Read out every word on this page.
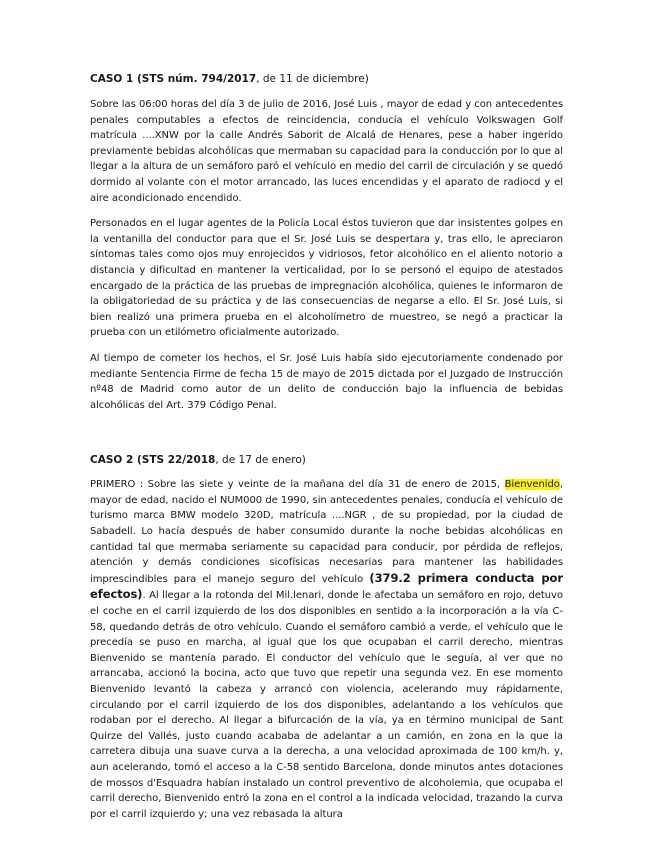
CASO 1 (STS núm. 794/2017, de 11 de diciembre)

Sobre las 06:00 horas del día 3 de julio de 2016, José Luis , mayor de edad y con antecedentes penales computables a efectos de reincidencia, conducía el vehículo Volkswagen Golf matrícula ....XNW por la calle Andrés Saborit de Alcalá de Henares, pese a haber ingerido previamente bebidas alcohólicas que mermaban su capacidad para la conducción por lo que al llegar a la altura de un semáforo paró el vehículo en medio del carril de circulación y se quedó dormido al volante con el motor arrancado, las luces encendidas y el aparato de radiocd y el aire acondicionado encendido.

Personados en el lugar agentes de la Policía Local éstos tuvieron que dar insistentes golpes en la ventanilla del conductor para que el Sr. José Luis se despertara y, tras ello, le apreciaron síntomas tales como ojos muy enrojecidos y vidriosos, fetor alcohólico en el aliento notorio a distancia y dificultad en mantener la verticalidad, por lo se personó el equipo de atestados encargado de la práctica de las pruebas de impregnación alcohólica, quienes le informaron de la obligatoriedad de su práctica y de las consecuencias de negarse a ello. El Sr. José Luis, si bien realizó una primera prueba en el alcoholímetro de muestreo, se negó a practicar la prueba con un etilómetro oficialmente autorizado.

Al tiempo de cometer los hechos, el Sr. José Luis había sido ejecutoriamente condenado por mediante Sentencia Firme de fecha 15 de mayo de 2015 dictada por el Juzgado de Instrucción nº48 de Madrid como autor de un delito de conducción bajo la influencia de bebidas alcohólicas del Art. 379 Código Penal.

CASO 2 (STS 22/2018, de 17 de enero)

PRIMERO : Sobre las siete y veinte de la mañana del día 31 de enero de 2015, Bienvenido, mayor de edad, nacido el NUM000 de 1990, sin antecedentes penales, conducía el vehículo de turismo marca BMW modelo 320D, matrícula ....NGR , de su propiedad, por la ciudad de Sabadell. Lo hacía después de haber consumido durante la noche bebidas alcohólicas en cantidad tal que mermaba seriamente su capacidad para conducir, por pérdida de reflejos, atención y demás condiciones sicofísicas necesarias para mantener las habilidades imprescindibles para el manejo seguro del vehículo (379.2 primera conducta por efectos). Al llegar a la rotonda del Mil.lenari, donde le afectaba un semáforo en rojo, detuvo el coche en el carril izquierdo de los dos disponibles en sentido a la incorporación a la vía C-58, quedando detrás de otro vehículo. Cuando el semáforo cambió a verde, el vehículo que le precedía se puso en marcha, al igual que los que ocupaban el carril derecho, mientras Bienvenido se mantenía parado. El conductor del vehículo que le seguía, al ver que no arrancaba, accionó la bocina, acto que tuvo que repetir una segunda vez. En ese momento Bienvenido levantó la cabeza y arrancó con violencia, acelerando muy rápidamente, circulando por el carril izquierdo de los dos disponibles, adelantando a los vehículos que rodaban por el derecho. Al llegar a bifurcación de la vía, ya en término municipal de Sant Quirze del Vallés, justo cuando acababa de adelantar a un camión, en zona en la que la carretera dibuja una suave curva a la derecha, a una velocidad aproximada de 100 km/h. y, aun acelerando, tomó el acceso a la C-58 sentido Barcelona, donde minutos antes dotaciones de mossos d'Esquadra habían instalado un control preventivo de alcoholemia, que ocupaba el carril derecho, Bienvenido entró la zona en el control a la indicada velocidad, trazando la curva por el carril izquierdo y; una vez rebasada la altura
